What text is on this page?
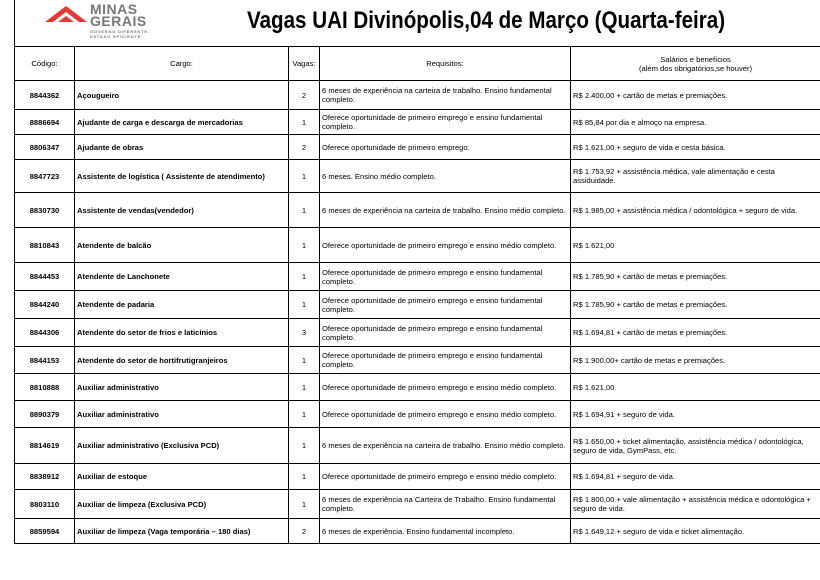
MINAS
GERAIS
GOVERNO DIFERENTE.
ESTADO EFICIENTE.
Vagas UAI Divinópolis,04 de Março (Quarta-feira)
Código:	Cargo:	Vagas:	Requisitos:	Salários e benefícios
(além dos obrigatórios,se houver)

8844362	Açougueiro	2	6 meses de experiência na carteira de trabalho. Ensino fundamental completo.	R$ 2.400,00 + cartão de metas e premiações.
8886694	Ajudante de carga e descarga de mercadorias	1	Oferece oportunidade de primeiro emprego e ensino fundamental completo.	R$ 85,84 por dia e almoço na empresa.
8806347	Ajudante de obras	2	Oferece oportunidade de primeiro emprego.	R$ 1.621,00 + seguro de vida e cesta básica.
8847723	Assistente de logística ( Assistente de atendimento)	1	6 meses. Ensino médio completo.	R$ 1.753,92 + assistência médica, vale alimentação e cesta assiduidade.
8830730	Assistente de vendas(vendedor)	1	6 meses de experiência na carteira de trabalho. Ensino médio completo.	R$ 1.985,00 + assistência médica / odontológica + seguro de vida.
8810843	Atendente de balcão	1	Oferece oportunidade de primeiro emprego e ensino médio completo.	R$ 1.621,00
8844453	Atendente de Lanchonete	1	Oferece oportunidade de primeiro emprego e ensino fundamental completo.	R$ 1.785,90 + cartão de metas e premiações.
8844240	Atendente de padaria	1	Oferece oportunidade de primeiro emprego e ensino fundamental completo.	R$ 1.785,90 + cartão de metas e premiações.
8844306	Atendente do setor de frios e laticínios	3	Oferece oportunidade de primeiro emprego e ensino fundamental completo.	R$ 1.694,81 + cartão de metas e premiações.
8844153	Atendente do setor de hortifrutigranjeiros	1	Oferece oportunidade de primeiro emprego e ensino fundamental completo.	R$ 1.900,00+ cartão de metas e premiações.
8810888	Auxiliar administrativo	1	Oferece oportunidade de primeiro emprego e ensino médio completo.	R$ 1.621,00
8890379	Auxiliar administrativo	1	Oferece oportunidade de primeiro emprego e ensino médio completo.	R$ 1.694,91 + seguro de vida.
8814619	Auxiliar administrativo (Exclusiva PCD)	1	6 meses de experiência na carteira de trabalho. Ensino médio completo.	R$ 1.650,00 + ticket alimentação, assistência médica / odontológica, seguro de vida, GymPass, etc.
8838912	Auxiliar de estoque	1	Oferece oportunidade de primeiro emprego e ensino médio completo.	R$ 1.694,81 + seguro de vida.
8803110	Auxiliar de limpeza (Exclusiva PCD)	1	6 meses de experiência na Carteira de Trabalho. Ensino fundamental completo.	R$ 1.800,00 + vale alimentação + assistência médica e odontológica + seguro de vida.
8859594	Auxiliar de limpeza (Vaga temporária – 180 dias)	2	6 meses de experiência. Ensino fundamental incompleto.	R$ 1.649,12 + seguro de vida e ticket alimentação.
